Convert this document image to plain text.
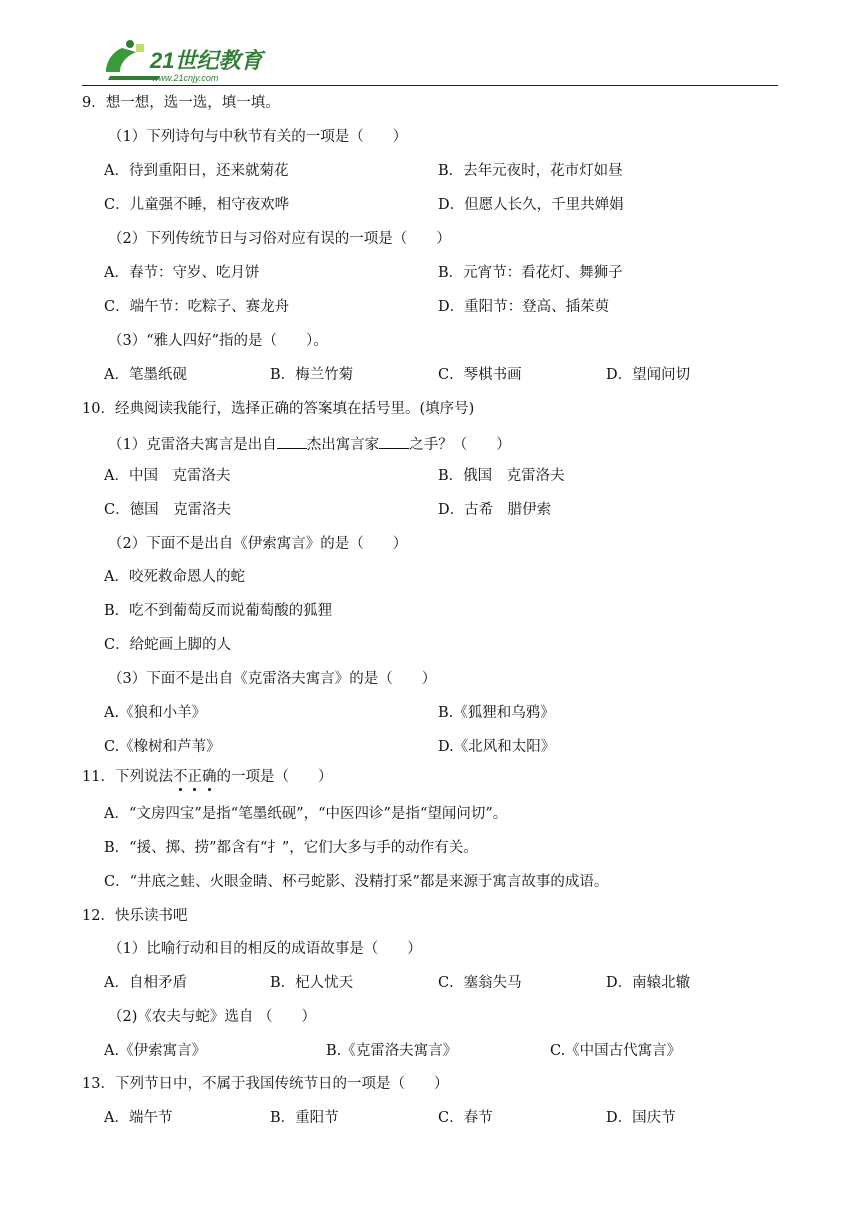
21世纪教育
www.21cnjy.com
9．想一想，选一选，填一填。
（1）下列诗句与中秋节有关的一项是（　　）
A．待到重阳日，还来就菊花	B．去年元夜时，花市灯如昼
C．儿童强不睡，相守夜欢哗	D．但愿人长久，千里共婵娟
（2）下列传统节日与习俗对应有误的一项是（　　）
A．春节：守岁、吃月饼	B．元宵节：看花灯、舞狮子
C．端午节：吃粽子、赛龙舟	D．重阳节：登高、插茱萸
（3）“雅人四好”指的是（　　）。
A．笔墨纸砚	B．梅兰竹菊	C．琴棋书画	D．望闻问切
10．经典阅读我能行，选择正确的答案填在括号里。(填序号)
（1）克雷洛夫寓言是出自 杰出寓言家 之手？（　　）
A．中国　克雷洛夫	B．俄国　克雷洛夫
C．德国　克雷洛夫	D．古希　腊伊索
（2）下面不是出自《伊索寓言》的是（　　）
A．咬死救命恩人的蛇
B．吃不到葡萄反而说葡萄酸的狐狸
C．给蛇画上脚的人
（3）下面不是出自《克雷洛夫寓言》的是（　　）
A.《狼和小羊》	B.《狐狸和乌鸦》
C.《橡树和芦苇》	D.《北风和太阳》
11．下列说法不正确的一项是（　　）
A．“文房四宝”是指“笔墨纸砚”，“中医四诊”是指“望闻问切”。
B．“援、掷、捞”都含有“扌”，它们大多与手的动作有关。
C．“井底之蛙、火眼金睛、杯弓蛇影、没精打采”都是来源于寓言故事的成语。
12．快乐读书吧
（1）比喻行动和目的相反的成语故事是（　　）
A．自相矛盾	B．杞人忧天	C．塞翁失马	D．南辕北辙
（2)《农夫与蛇》选自 （　　）
A.《伊索寓言》	B.《克雷洛夫寓言》	C.《中国古代寓言》
13．下列节日中，不属于我国传统节日的一项是（　　）
A．端午节	B．重阳节	C．春节	D．国庆节
